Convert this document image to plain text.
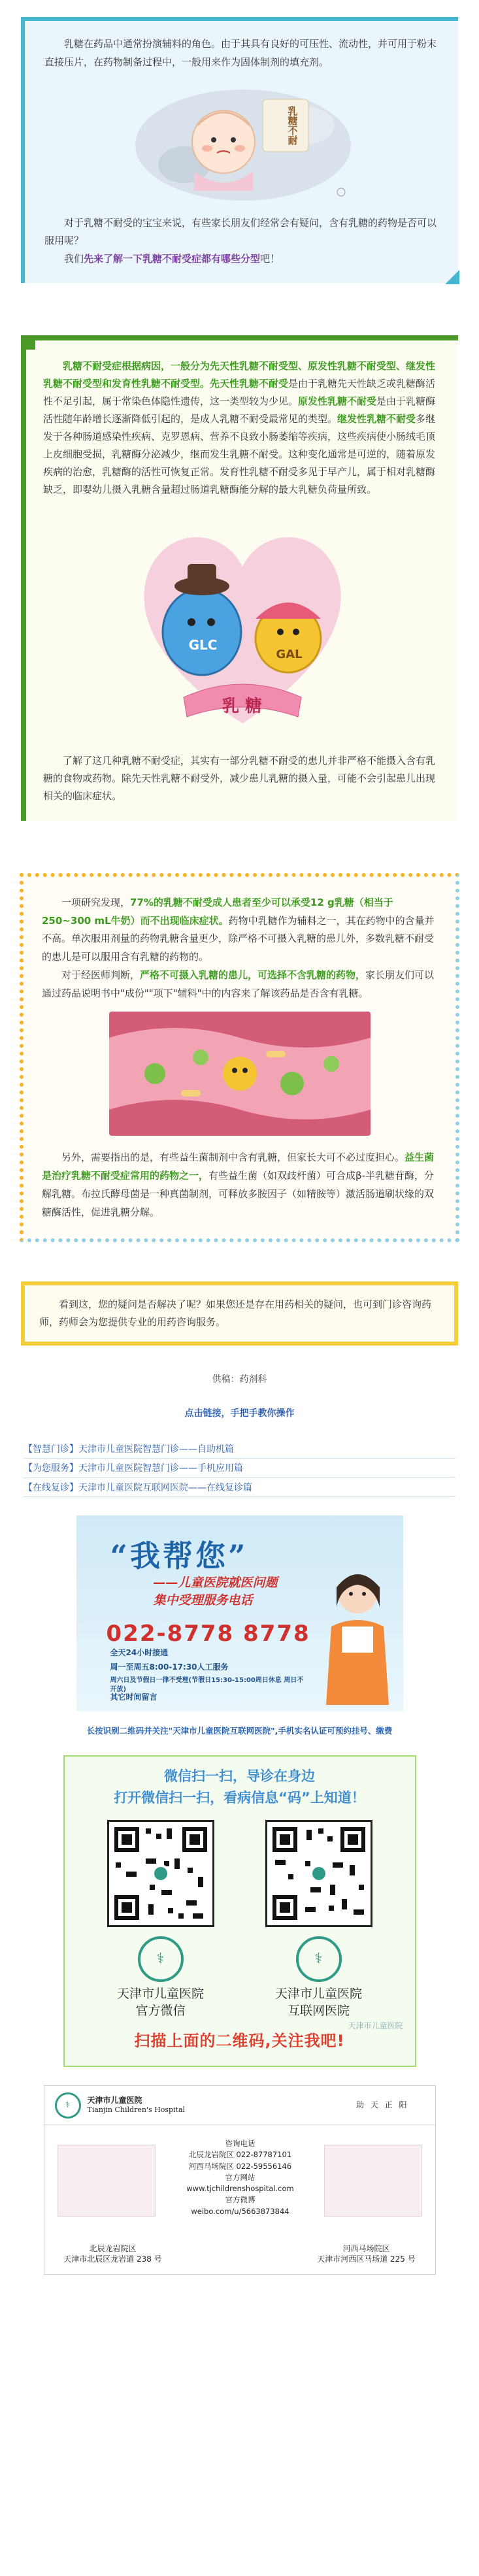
乳糖在药品中通常扮演辅料的角色。由于其具有良好的可压性、流动性，并可用于粉末直接压片，在药物制备过程中，一般用来作为固体制剂的填充剂。

乳糖不耐

对于乳糖不耐受的宝宝来说，有些家长朋友们经常会有疑问，含有乳糖的药物是否可以服用呢？

我们先来了解一下乳糖不耐受症都有哪些分型吧！

乳糖不耐受症根据病因，一般分为先天性乳糖不耐受型、原发性乳糖不耐受型、继发性乳糖不耐受型和发育性乳糖不耐受型。先天性乳糖不耐受是由于乳糖先天性缺乏或乳糖酶活性不足引起，属于常染色体隐性遗传，这一类型较为少见。原发性乳糖不耐受是由于乳糖酶活性随年龄增长逐渐降低引起的，是成人乳糖不耐受最常见的类型。继发性乳糖不耐受多继发于各种肠道感染性疾病、克罗恩病、营养不良致小肠萎缩等疾病，这些疾病使小肠绒毛顶上皮细胞受损，乳糖酶分泌减少，继而发生乳糖不耐受。这种变化通常是可逆的，随着原发疾病的治愈，乳糖酶的活性可恢复正常。发育性乳糖不耐受多见于早产儿，属于相对乳糖酶缺乏，即婴幼儿摄入乳糖含量超过肠道乳糖酶能分解的最大乳糖负荷量所致。

GLC
GAL
乳 糖

了解了这几种乳糖不耐受症，其实有一部分乳糖不耐受的患儿并非严格不能摄入含有乳糖的食物或药物。除先天性乳糖不耐受外，减少患儿乳糖的摄入量，可能不会引起患儿出现相关的临床症状。

一项研究发现，77%的乳糖不耐受成人患者至少可以承受12 g乳糖（相当于250~300 mL牛奶）而不出现临床症状。药物中乳糖作为辅料之一，其在药物中的含量并不高。单次服用剂量的药物乳糖含量更少，除严格不可摄入乳糖的患儿外，多数乳糖不耐受的患儿是可以服用含有乳糖的药物的。

对于经医师判断，严格不可摄入乳糖的患儿，可选择不含乳糖的药物，家长朋友们可以通过药品说明书中"成份""项下"辅料"中的内容来了解该药品是否含有乳糖。

另外，需要指出的是，有些益生菌制剂中含有乳糖，但家长大可不必过度担心。益生菌是治疗乳糖不耐受症常用的药物之一，有些益生菌（如双歧杆菌）可合成β-半乳糖苷酶，分解乳糖。布拉氏酵母菌是一种真菌制剂，可释放多胺因子（如精胺等）激活肠道刷状缘的双糖酶活性，促进乳糖分解。

看到这，您的疑问是否解决了呢？如果您还是存在用药相关的疑问，也可到门诊咨询药师，药师会为您提供专业的用药咨询服务。

供稿：药剂科
点击链接，手把手教你操作
【智慧门诊】天津市儿童医院智慧门诊——自助机篇
【为您服务】天津市儿童医院智慧门诊——手机应用篇
【在线复诊】天津市儿童医院互联网医院——在线复诊篇
“我帮您”
——儿童医院就医问题
集中受理服务电话
022-8778 8778
全天24小时接通
周一至周五8:00-17:30人工服务
周六日及节假日一律不受理(节假日15:30-15:00周日休息 周日不开放)
其它时间留言
长按识别二维码并关注"天津市儿童医院互联网医院",手机实名认证可预约挂号、缴费
微信扫一扫，导诊在身边
打开微信扫一扫，看病信息“码”上知道！
⚕
天津市儿童医院
官方微信
⚕
天津市儿童医院
互联网医院
扫描上面的二维码,关注我吧!
天津市儿童医院
⚕	天津市儿童医院
Tianjin Children's Hospital
助 天 正 阳
咨询电话
北辰龙岩院区 022-87787101
河西马场院区 022-59556146
官方网站
www.tjchildrenshospital.com
官方微博
weibo.com/u/5663873844
北辰龙岩院区
天津市北辰区龙岩道 238 号
河西马场院区
天津市河西区马场道 225 号
